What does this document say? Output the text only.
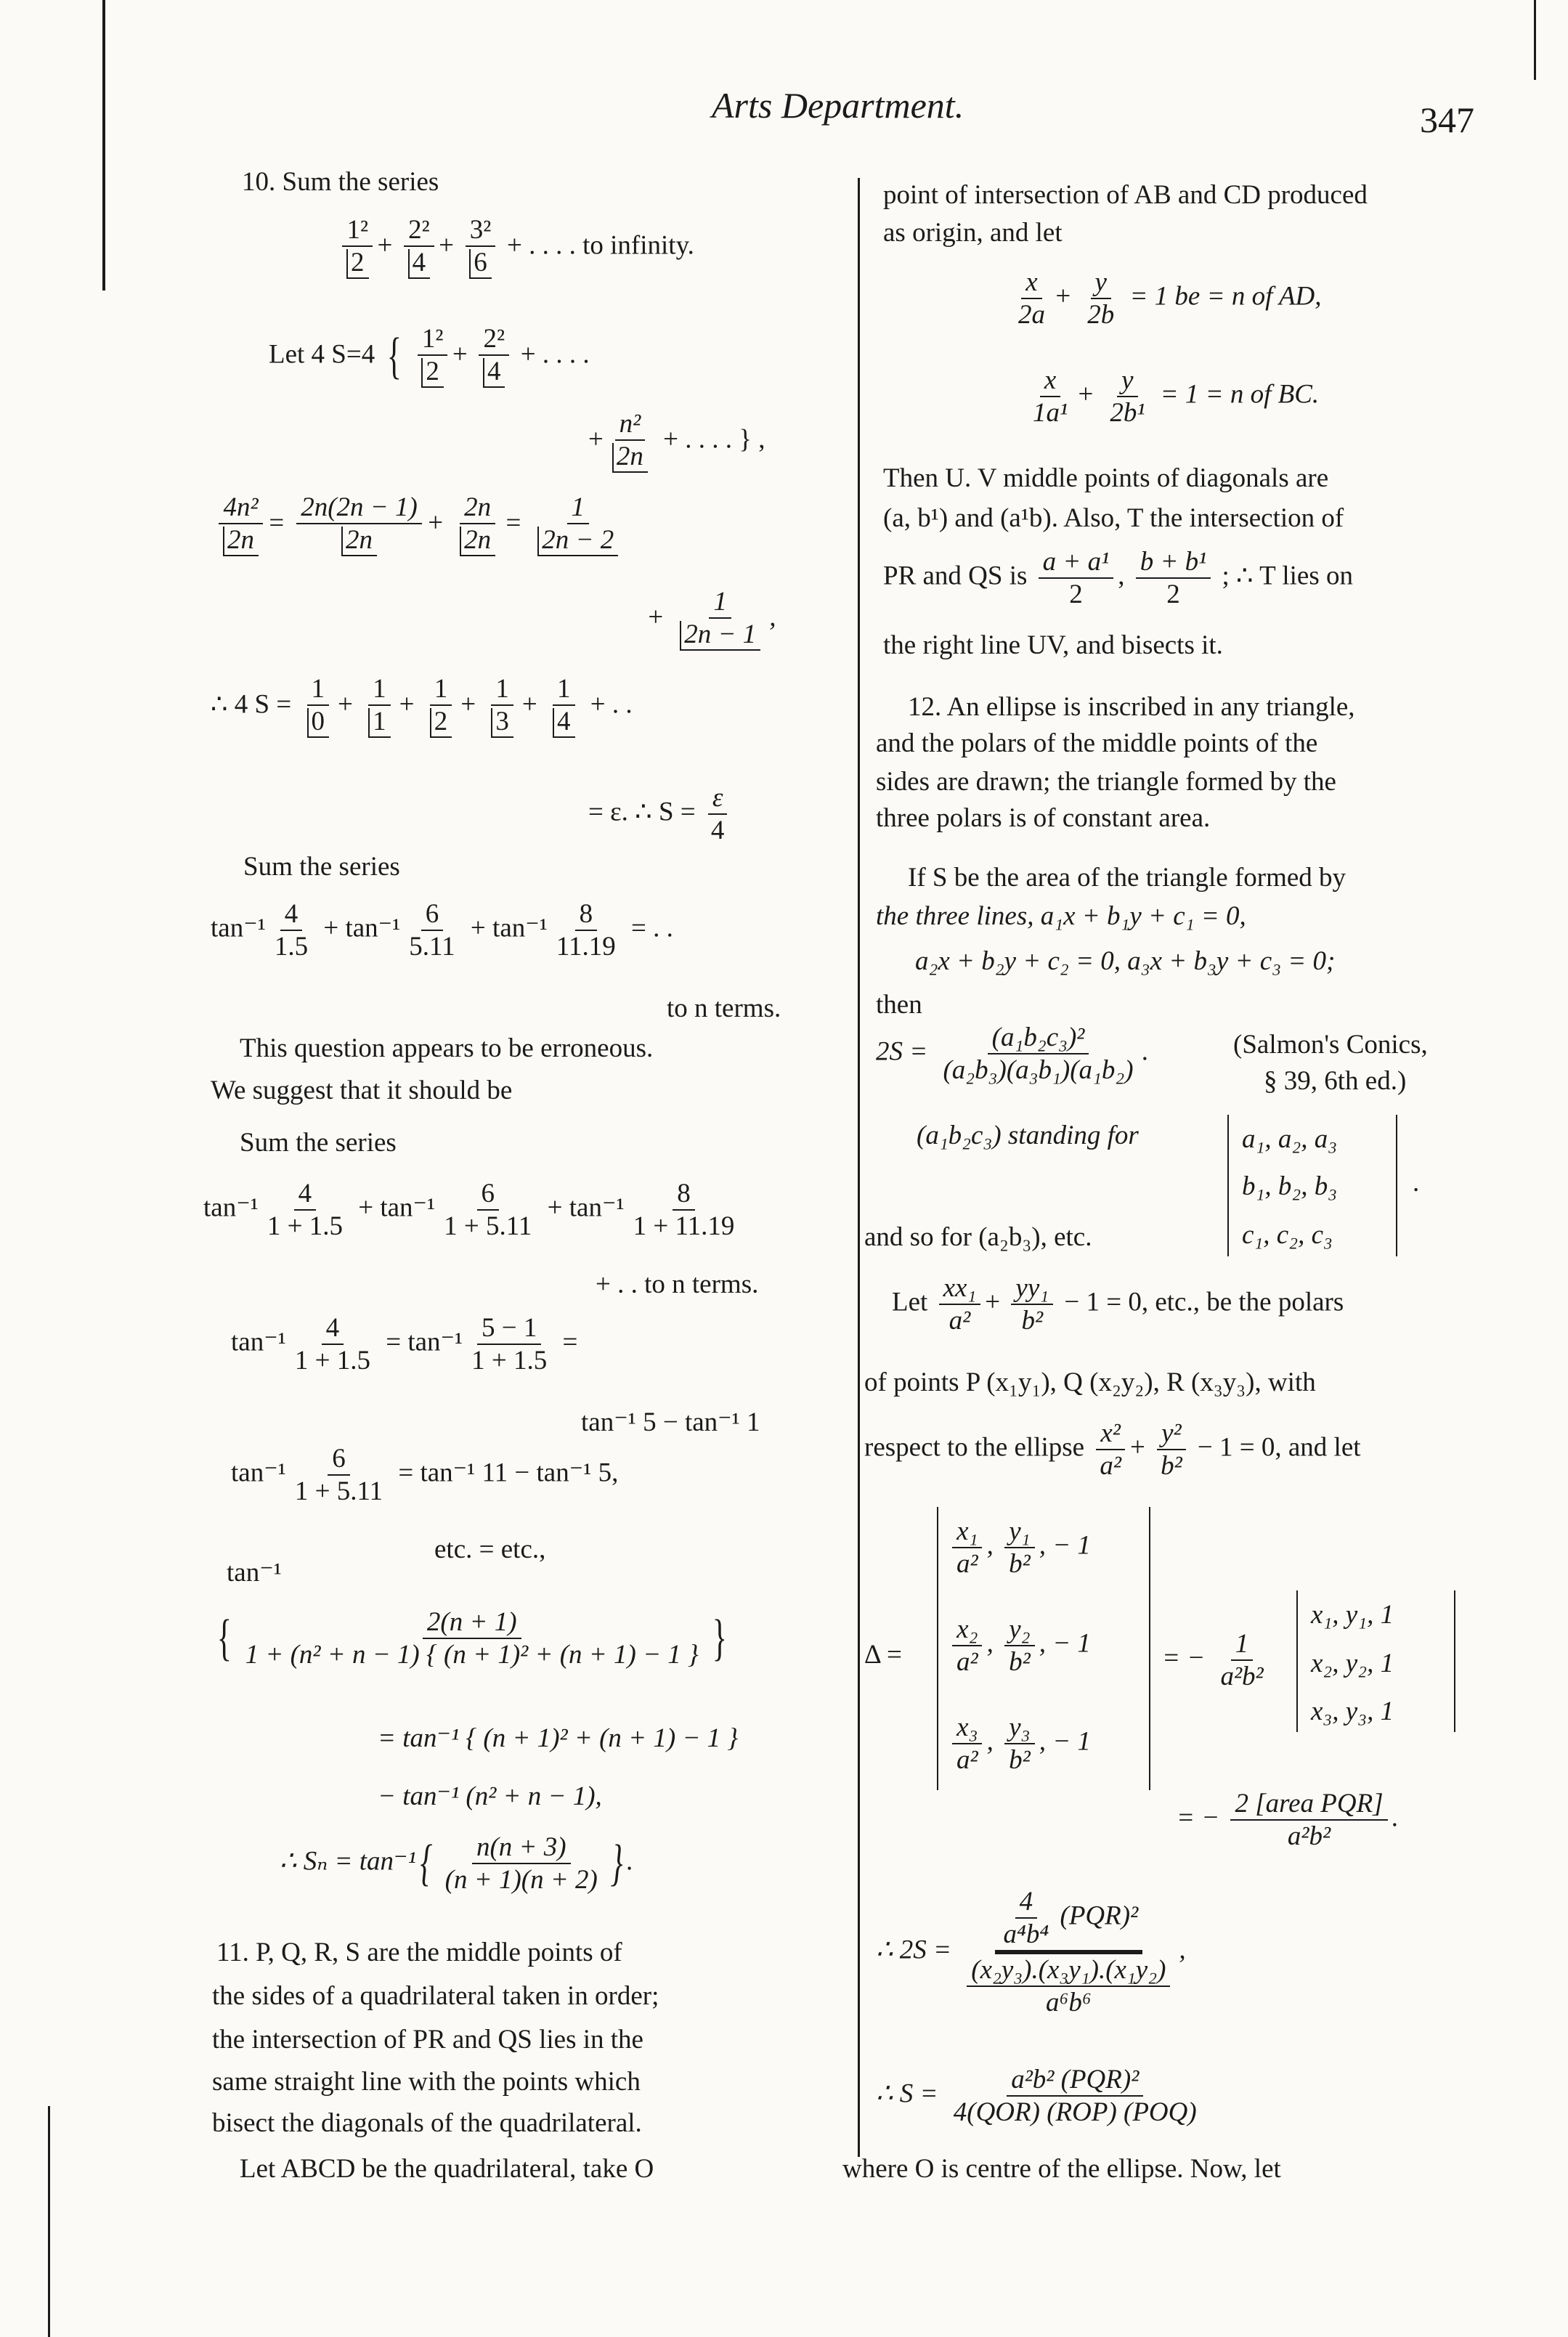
Arts Department.	347
10. Sum the series
$\frac{\text{1²}}{2} + \frac{\text{2²}}{4} + \frac{\text{3²}}{6}$ + . . . . to infinity.
Let 4 S=4 { $\frac{\text{1²}}{2} + \frac{\text{2²}}{4}$ + . . . .
+ $\frac{\text{n²}}{2n}$ + . . . . } ,
$\frac{\text{4n²}}{2n} = \frac{2n(2n - 1)}{2n} + \frac{2n}{2n} = \frac{1}{2n - 2}$
+ $\frac{1}{2n - 1}$ ,
∴ 4 $S = \frac{1}{0} + \frac{1}{1} + \frac{1}{2} + \frac{1}{3} + \frac{1}{4}$ + . .
= ε. ∴ $S = \frac{\varepsilon}{4}$
Sum the series
$\tan^{-1} \frac{4}{1.5} + \tan^{-1} \frac{6}{5.11} + \tan^{-1} \frac{8}{11.19}$ = . .
to n terms.
This question appears to be erroneous.
We suggest that it should be
Sum the series
$\tan^{-1} \frac{4}{1 + 1.5} + \tan^{-1} \frac{6}{1 + 5.11} + \tan^{-1} \frac{8}{1 + 11.19}$
+ . . to n terms.
$\tan^{-1} \frac{4}{1 + 1.5} = \tan^{-1} \frac{5 - 1}{1 + 1.5}$ =
tan⁻¹ 5 − tan⁻¹ 1
$\tan^{-1} \frac{6}{1 + 5.11} = \tan^{-1}$ 11 − tan⁻¹ 5,
etc. = etc.,
tan⁻¹
{ $\frac{2(n + 1)}{\text{1 + (n² + n − 1) \{ (n + 1)² + (n + 1) − 1 \}}}$ }
= tan⁻¹ { (n + 1)² + (n + 1) − 1 }
− tan⁻¹ (n² + n − 1),
∴ $S_n = \tan^{-1}\{ \frac{n(n + 3)}{(n + 1)(n + 2)}$ } .
11. P, Q, R, S are the middle points of
the sides of a quadrilateral taken in order;
the intersection of PR and QS lies in the
same straight line with the points which
bisect the diagonals of the quadrilateral.
Let ABCD be the quadrilateral, take O
point of intersection of AB and CD produced
as origin, and let
$\frac{x}{2a} + \frac{y}{2b} = 1$ be = n of AD,
$\frac{x}{\text{1a¹}} + \frac{y}{\text{2b¹}} = 1 = n$ of BC.
Then U. V middle points of diagonals are
(a, b¹) and (a¹b). Also, T the intersection of
PR and QS is $\frac{\text{a + a¹}}{2}$ , $\frac{\text{b + b¹}}{2}$ ; ∴ T lies on
the right line UV, and bisects it.
12. An ellipse is inscribed in any triangle,
and the polars of the middle points of the
sides are drawn; the triangle formed by the
three polars is of constant area.
If S be the area of the triangle formed by
the three lines, a₁x + b₁y + c₁ = 0,
a₂x + b₂y + c₂ = 0, a₃x + b₃y + c₃ = 0;
then
$2S = \frac{\text{(a₁b₂c₃)²}}{\text{(a₂b₃)(a₃b₁)(a₁b₂)}}$ .	(Salmon's Conics,
§ 39, 6th ed.)
(a₁b₂c₃) standing for	a₁, a₂, a₃
b₁, b₂, b₃
c₁, c₂, c₃
.
and so for (a₂b₃), etc.
Let $\frac{\text{xx₁}}{\text{a²}} + \frac{\text{yy₁}}{\text{b²}} - 1 = 0$, etc., be the polars
of points P (x₁y₁), Q (x₂y₂), R (x₃y₃), with
respect to the ellipse $\frac{\text{x²}}{\text{a²}} + \frac{\text{y²}}{\text{b²}} - 1 = 0$, and let
Δ =
$\frac{\text{x₁}}{\text{a²}}$ , $\frac{\text{y₁}}{\text{b²}}$ , − 1
$\frac{\text{x₂}}{\text{a²}}$ , $\frac{\text{y₂}}{\text{b²}}$ , − 1
$\frac{\text{x₃}}{\text{a²}}$ , $\frac{\text{y₃}}{\text{b²}}$ , − 1
= − $\frac{1}{\text{a²b²}}$
x₁, y₁, 1
x₂, y₂, 1
x₃, y₃, 1
= − $\frac{\text{2 [area PQR]}}{\text{a²b²}}$ .
∴ $2S = \frac{\frac{4}{\text{a⁴b⁴}} (PQR)^2}{\frac{\text{(x₂y₃).(x₃y₁).(x₁y₂)}}{\text{a⁶b⁶}}}$ ,
∴ $S = \frac{\text{a²b² (PQR)²}}{\text{4(QOR) (ROP) (POQ)}}$
where O is centre of the ellipse. Now, let
